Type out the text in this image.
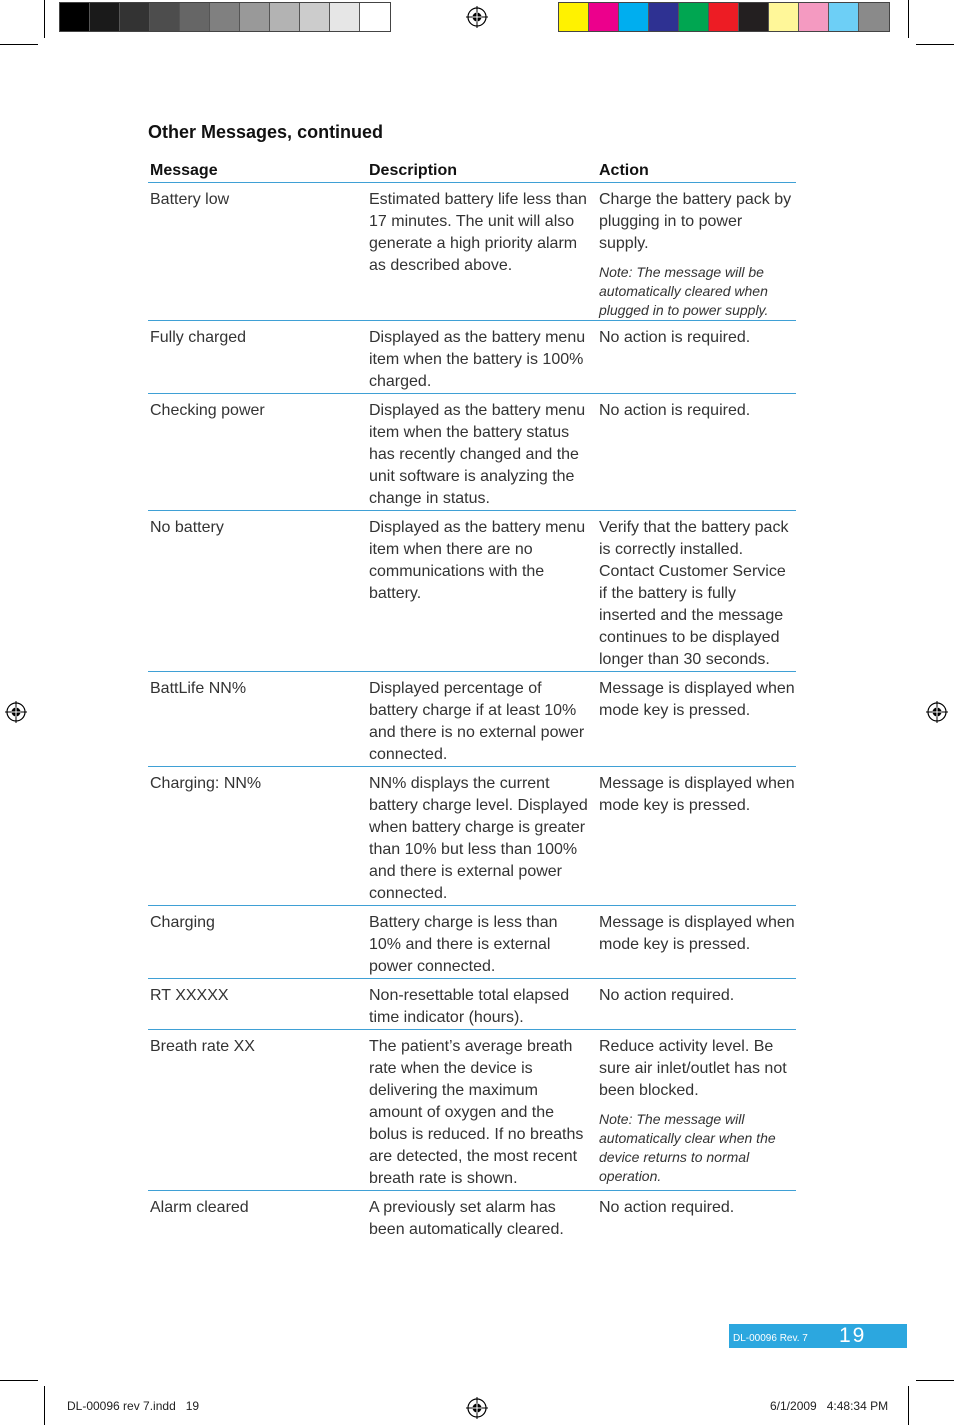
Other Messages, continued
Message	Description	Action
Battery low	Estimated battery life less than 17 minutes. The unit will also generate a high priority alarm as described above.	Charge the battery pack by plugging in to power supply.
Note: The message will be automatically cleared when plugged in to power supply.

Fully charged	Displayed as the battery menu item when the battery is 100% charged.	No action is required.
Checking power	Displayed as the battery menu item when the battery status has recently changed and the unit software is analyzing the change in status.	No action is required.
No battery	Displayed as the battery menu item when there are no communications with the battery.	Verify that the battery pack is correctly installed. Contact Customer Service if the battery is fully inserted and the message continues to be displayed longer than 30 seconds.
BattLife NN%	Displayed percentage of battery charge if at least 10% and there is no external power connected.	Message is displayed when mode key is pressed.
Charging: NN%	NN% displays the current battery charge level. Displayed when battery charge is greater than 10% but less than 100% and there is external power connected.	Message is displayed when mode key is pressed.
Charging	Battery charge is less than 10% and there is external power connected.	Message is displayed when mode key is pressed.
RT XXXXX	Non-resettable total elapsed time indicator (hours).	No action required.
Breath rate XX	The patient’s average breath rate when the device is delivering the maximum amount of oxygen and the bolus is reduced. If no breaths are detected, the most recent breath rate is shown.	Reduce activity level. Be sure air inlet/outlet has not been blocked.
Note: The message will automatically clear when the device returns to normal operation.

Alarm cleared	A previously set alarm has been automatically cleared.	No action required.
DL-00096 Rev. 7 19
DL-00096 rev 7.indd   19	6/1/2009   4:48:34 PM
